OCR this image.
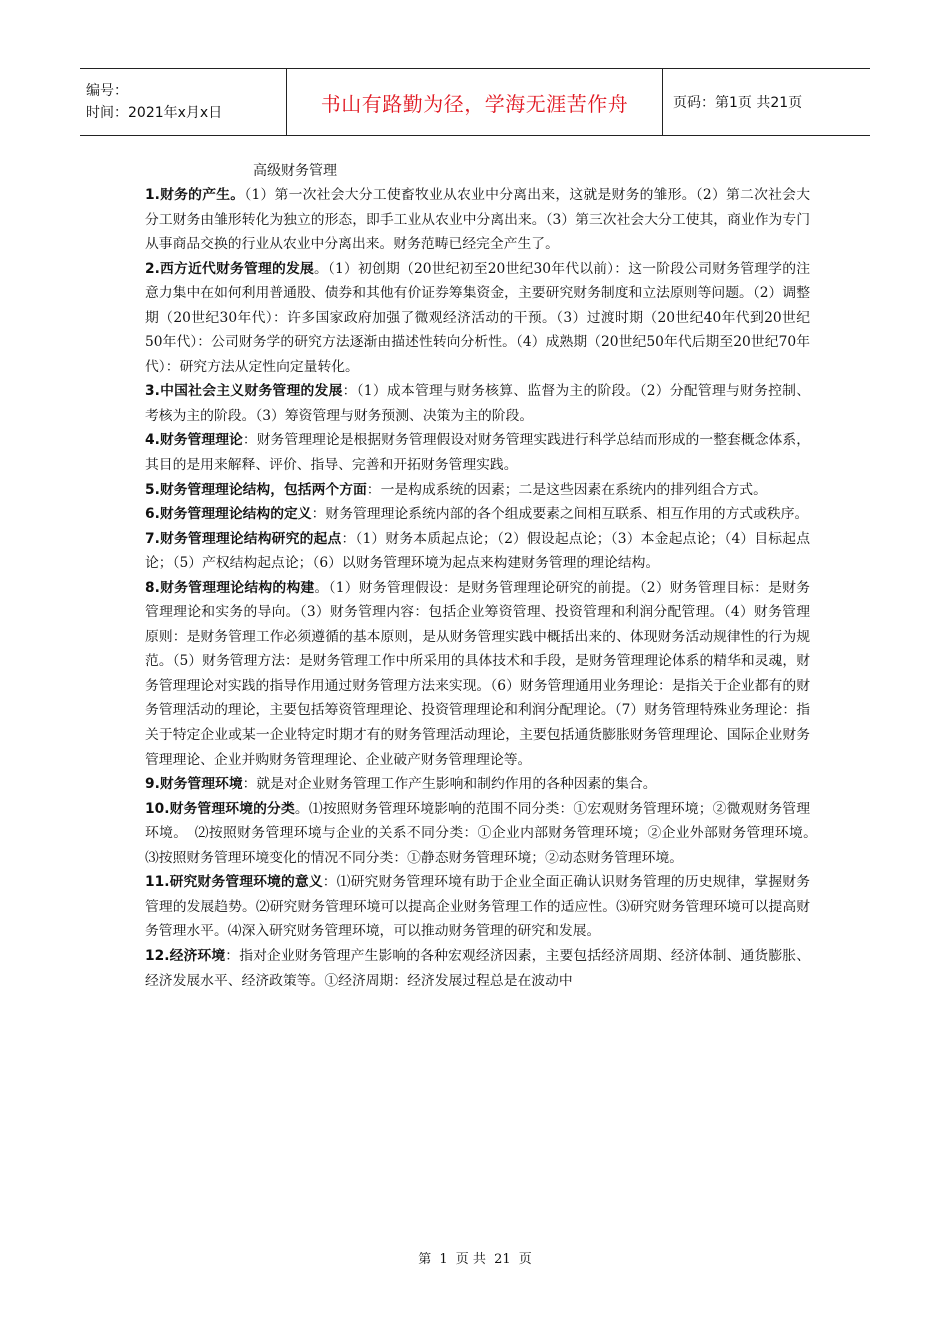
编号：
时间：2021年x月x日	书山有路勤为径，学海无涯苦作舟	页码：第1页 共21页
高级财务管理

1.财务的产生。（1）第一次社会大分工使畜牧业从农业中分离出来，这就是财务的雏形。（2）第二次社会大分工财务由雏形转化为独立的形态，即手工业从农业中分离出来。（3）第三次社会大分工使其，商业作为专门从事商品交换的行业从农业中分离出来。财务范畴已经完全产生了。

2.西方近代财务管理的发展。（1）初创期（20世纪初至20世纪30年代以前）：这一阶段公司财务管理学的注意力集中在如何利用普通股、债券和其他有价证券筹集资金，主要研究财务制度和立法原则等问题。（2）调整期（20世纪30年代）：许多国家政府加强了微观经济活动的干预。（3）过渡时期（20世纪40年代到20世纪50年代）：公司财务学的研究方法逐渐由描述性转向分析性。（4）成熟期（20世纪50年代后期至20世纪70年代）：研究方法从定性向定量转化。

3.中国社会主义财务管理的发展：（1）成本管理与财务核算、监督为主的阶段。（2）分配管理与财务控制、考核为主的阶段。（3）筹资管理与财务预测、决策为主的阶段。

4.财务管理理论：财务管理理论是根据财务管理假设对财务管理实践进行科学总结而形成的一整套概念体系，其目的是用来解释、评价、指导、完善和开拓财务管理实践。

5.财务管理理论结构，包括两个方面：一是构成系统的因素；二是这些因素在系统内的排列组合方式。

6.财务管理理论结构的定义：财务管理理论系统内部的各个组成要素之间相互联系、相互作用的方式或秩序。

7.财务管理理论结构研究的起点：（1）财务本质起点论；（2）假设起点论；（3）本金起点论；（4）目标起点论；（5）产权结构起点论；（6）以财务管理环境为起点来构建财务管理的理论结构。

8.财务管理理论结构的构建。（1）财务管理假设：是财务管理理论研究的前提。（2）财务管理目标：是财务管理理论和实务的导向。（3）财务管理内容：包括企业筹资管理、投资管理和利润分配管理。（4）财务管理原则：是财务管理工作必须遵循的基本原则，是从财务管理实践中概括出来的、体现财务活动规律性的行为规范。（5）财务管理方法：是财务管理工作中所采用的具体技术和手段，是财务管理理论体系的精华和灵魂，财务管理理论对实践的指导作用通过财务管理方法来实现。（6）财务管理通用业务理论：是指关于企业都有的财务管理活动的理论，主要包括筹资管理理论、投资管理理论和利润分配理论。（7）财务管理特殊业务理论：指关于特定企业或某一企业特定时期才有的财务管理活动理论，主要包括通货膨胀财务管理理论、国际企业财务管理理论、企业并购财务管理理论、企业破产财务管理理论等。

9.财务管理环境：就是对企业财务管理工作产生影响和制约作用的各种因素的集合。

10.财务管理环境的分类。⑴按照财务管理环境影响的范围不同分类：①宏观财务管理环境；②微观财务管理环境。　⑵按照财务管理环境与企业的关系不同分类：①企业内部财务管理环境；②企业外部财务管理环境。　⑶按照财务管理环境变化的情况不同分类：①静态财务管理环境；②动态财务管理环境。

11.研究财务管理环境的意义：⑴研究财务管理环境有助于企业全面正确认识财务管理的历史规律，掌握财务管理的发展趋势。⑵研究财务管理环境可以提高企业财务管理工作的适应性。⑶研究财务管理环境可以提高财务管理水平。⑷深入研究财务管理环境，可以推动财务管理的研究和发展。

12.经济环境：指对企业财务管理产生影响的各种宏观经济因素，主要包括经济周期、经济体制、通货膨胀、经济发展水平、经济政策等。①经济周期：经济发展过程总是在波动中

第 1 页 共 21 页
